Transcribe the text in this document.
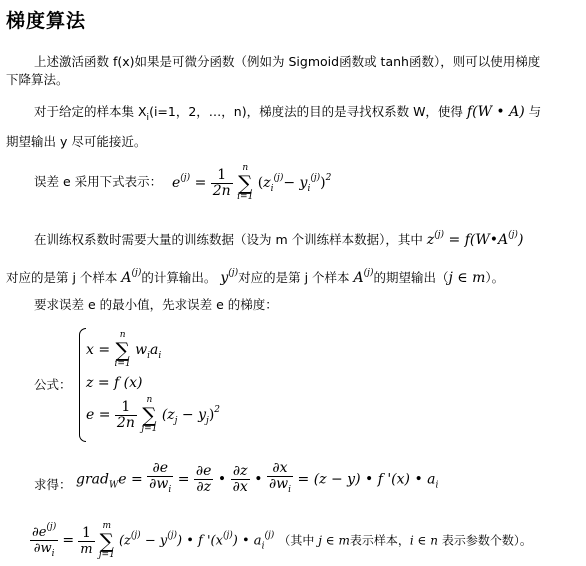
梯度算法
上述激活函数 f(x)如果是可微分函数（例如为 Sigmoid函数或 tanh函数），则可以使用梯度
下降算法。
对于给定的样本集 $X_i(i=1$，2，…，n)，梯度法的目的是寻找权系数 W，使得 f(W • A) 与
期望输出 y 尽可能接近。
误差 e 采用下式表示： $e^{(j)} = \frac{1}{2n}$
	n
∑
i=1
$(z_i^{(j)}- y_i^{(j)})^2$
在训练权系数时需要大量的训练数据（设为 m 个训练样本数据），其中 $z^{(j)}$ = $f(W•A^{(j)})$
对应的是第 j 个样本 $A^{(j)}$的计算输出。 $y^{(j)}$对应的是第 j 个样本 $A^{(j)}$的期望输出（j ∈ m）。
要求误差 e 的最小值，先求误差 e 的梯度：
公式：
x =
n
∑
i=1
$w_ia_i$
z = f (x)
$e = \frac{1}{2n}$
	n
∑
j=1
$(z_j - y_j)^2$
求得： grad$_W$e = $\frac{\partial e}{\partial w_i} = \frac{\partial e}{\partial z}$ • $\frac{\partial z}{\partial x}$ • $\frac{\partial x}{\partial w_i} = (z - y)$ • f '(x) • $a_i$
$\frac{\partial e^{(j)}}{\partial w_i} = \frac{1}{m}$
m
∑
j=1
$(z^{(j)} - y^{(j)})$ • f '$(x^{(j)})$ • $a_i^{(j)}$ （其中 j ∈ m表示样本，i ∈ n 表示参数个数）。
